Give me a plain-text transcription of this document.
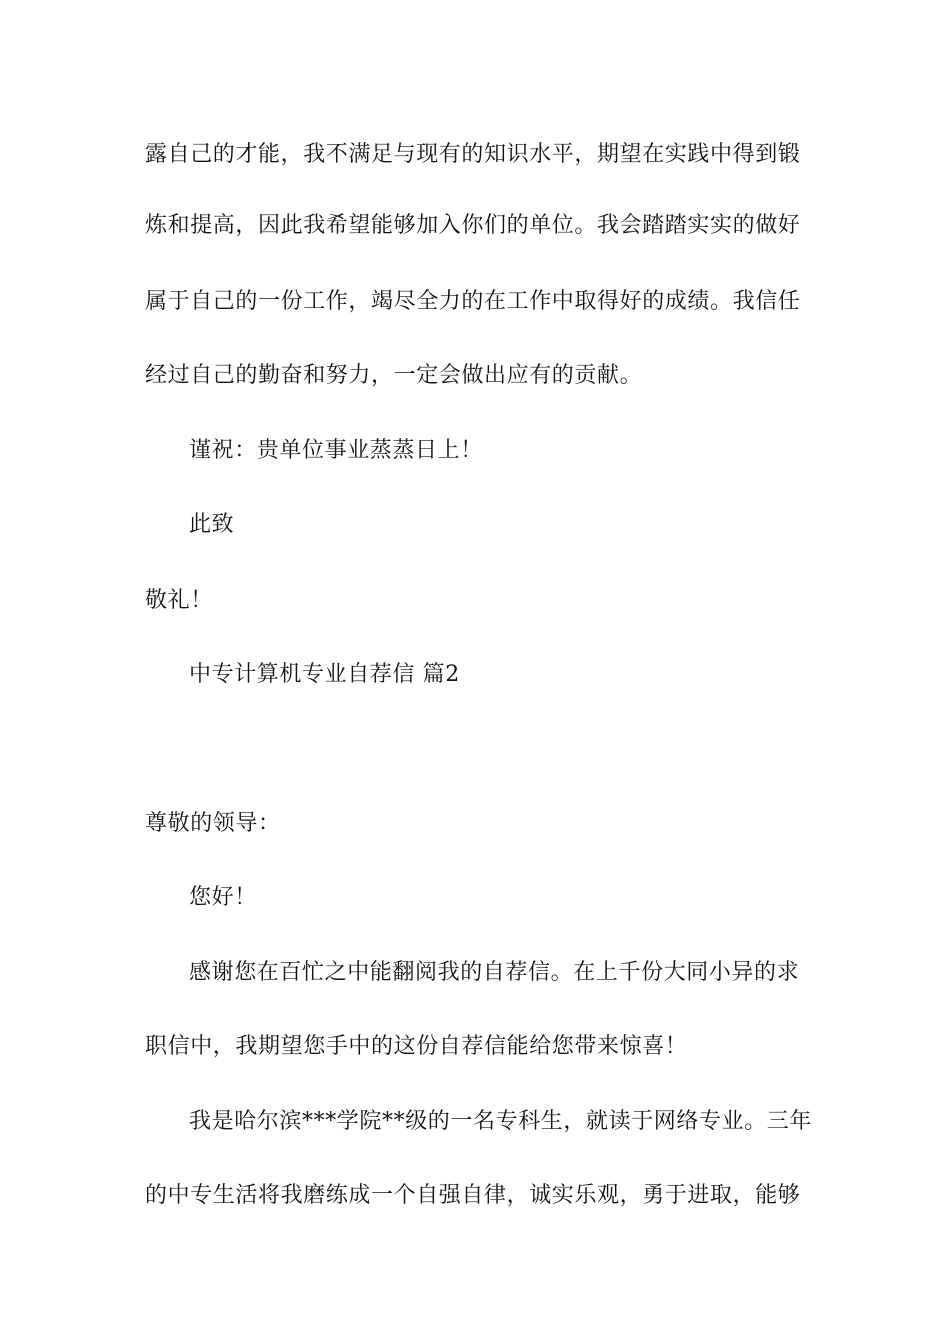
露自己的才能，我不满足与现有的知识水平，期望在实践中得到锻
炼和提高，因此我希望能够加入你们的单位。我会踏踏实实的做好
属于自己的一份工作，竭尽全力的在工作中取得好的成绩。我信任
经过自己的勤奋和努力，一定会做出应有的贡献。
谨祝：贵单位事业蒸蒸日上！
此致
敬礼！
中专计算机专业自荐信 篇2
尊敬的领导：
您好！
感谢您在百忙之中能翻阅我的自荐信。在上千份大同小异的求
职信中，我期望您手中的这份自荐信能给您带来惊喜！
我是哈尔滨***学院**级的一名专科生，就读于网络专业。三年
的中专生活将我磨练成一个自强自律，诚实乐观，勇于进取，能够
